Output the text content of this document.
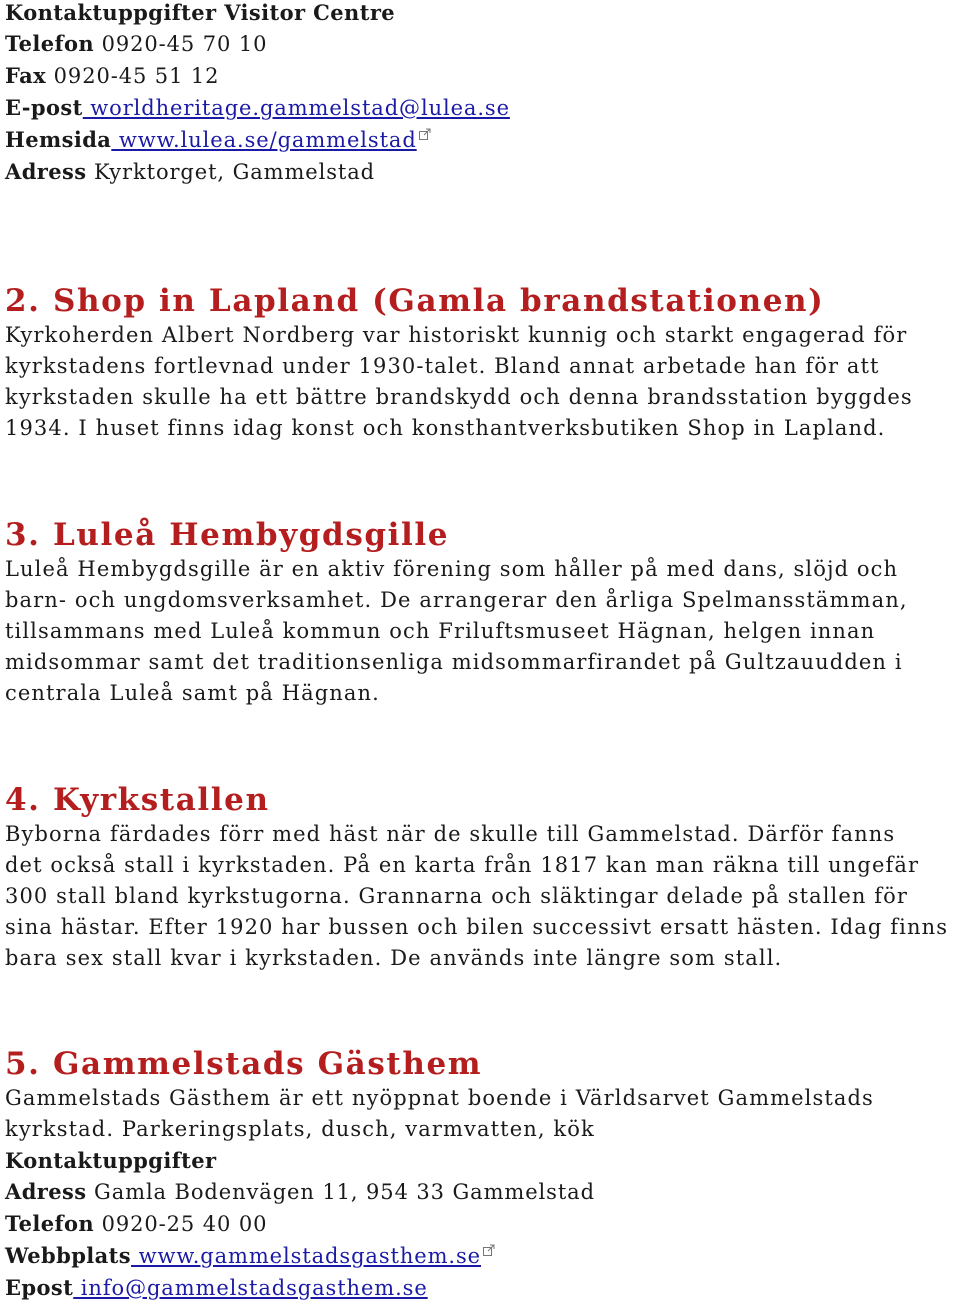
Kontaktuppgifter Visitor Centre
Telefon 0920-45 70 10
Fax 0920-45 51 12
E-post worldheritage.gammelstad@lulea.se
Hemsida www.lulea.se/gammelstad
Adress Kyrktorget, Gammelstad
2. Shop in Lapland (Gamla brandstationen)
Kyrkoherden Albert Nordberg var historiskt kunnig och starkt engagerad för
kyrkstadens fortlevnad under 1930-talet. Bland annat arbetade han för att
kyrkstaden skulle ha ett bättre brandskydd och denna brandsstation byggdes
1934. I huset finns idag konst och konsthantverksbutiken Shop in Lapland.
3. Luleå Hembygdsgille
Luleå Hembygdsgille är en aktiv förening som håller på med dans, slöjd och
barn- och ungdomsverksamhet. De arrangerar den årliga Spelmansstämman,
tillsammans med Luleå kommun och Friluftsmuseet Hägnan, helgen innan
midsommar samt det traditionsenliga midsommarfirandet på Gultzauudden i
centrala Luleå samt på Hägnan.
4. Kyrkstallen
Byborna färdades förr med häst när de skulle till Gammelstad. Därför fanns
det också stall i kyrkstaden. På en karta från 1817 kan man räkna till ungefär
300 stall bland kyrkstugorna. Grannarna och släktingar delade på stallen för
sina hästar. Efter 1920 har bussen och bilen successivt ersatt hästen. Idag finns
bara sex stall kvar i kyrkstaden. De används inte längre som stall.
5. Gammelstads Gästhem
Gammelstads Gästhem är ett nyöppnat boende i Världsarvet Gammelstads
kyrkstad. Parkeringsplats, dusch, varmvatten, kök
Kontaktuppgifter
Adress Gamla Bodenvägen 11, 954 33 Gammelstad
Telefon 0920-25 40 00
Webbplats www.gammelstadsgasthem.se
Epost info@gammelstadsgasthem.se
